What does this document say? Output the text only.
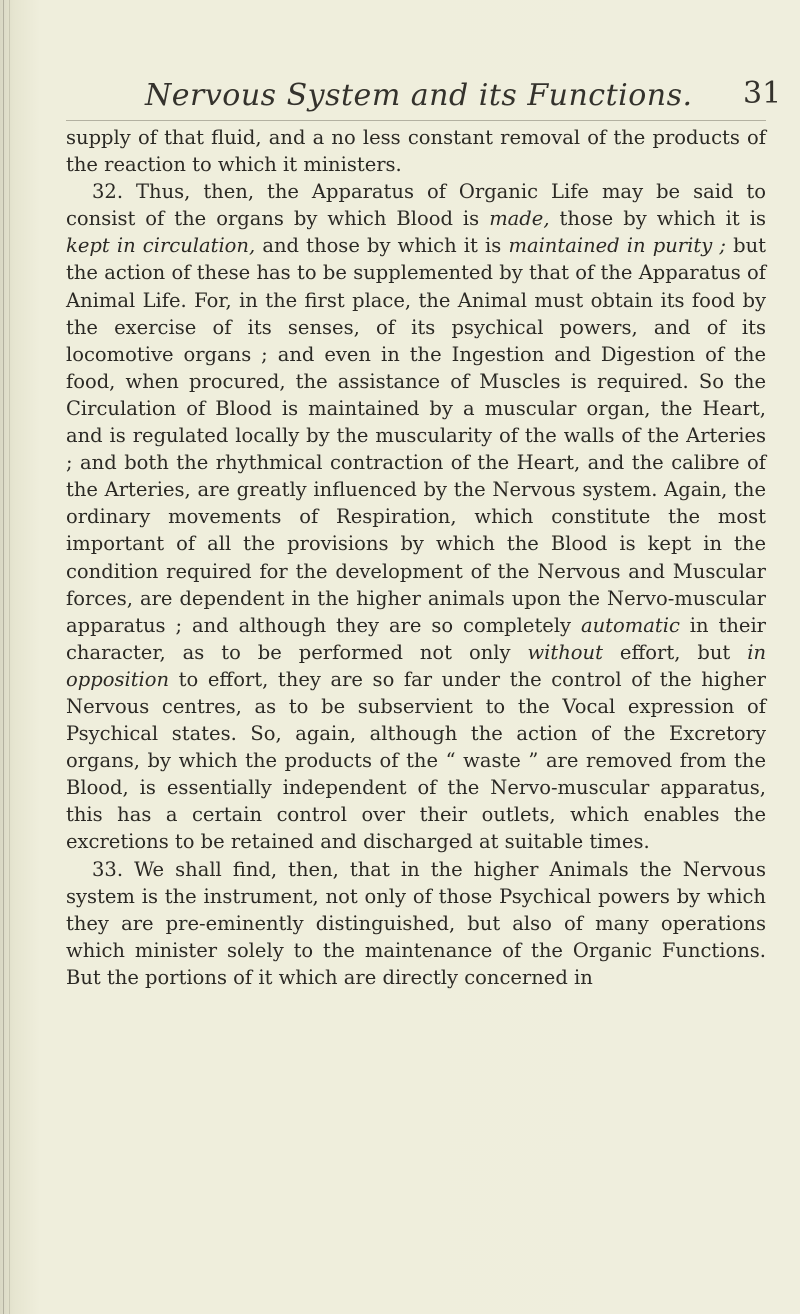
Nervous System and its Functions. 31

supply of that fluid, and a no less constant removal of the products of the reaction to which it ministers.

32. Thus, then, the Apparatus of Organic Life may be said to consist of the organs by which Blood is made, those by which it is kept in circulation, and those by which it is maintained in purity ; but the action of these has to be supplemented by that of the Apparatus of Animal Life. For, in the first place, the Animal must obtain its food by the exercise of its senses, of its psychical powers, and of its locomotive organs ; and even in the Ingestion and Digestion of the food, when procured, the assistance of Muscles is required. So the Circulation of Blood is maintained by a muscular organ, the Heart, and is regulated locally by the muscularity of the walls of the Arteries ; and both the rhythmical contraction of the Heart, and the calibre of the Arteries, are greatly influenced by the Nervous system. Again, the ordinary movements of Respiration, which constitute the most important of all the provisions by which the Blood is kept in the condition required for the development of the Nervous and Muscular forces, are dependent in the higher animals upon the Nervo-muscular apparatus ; and although they are so completely automatic in their character, as to be performed not only without effort, but in opposition to effort, they are so far under the control of the higher Nervous centres, as to be subservient to the Vocal expression of Psychical states. So, again, although the action of the Excretory organs, by which the products of the “ waste ” are removed from the Blood, is essentially independent of the Nervo-muscular apparatus, this has a certain control over their outlets, which enables the excretions to be retained and discharged at suitable times.

33. We shall find, then, that in the higher Animals the Nervous system is the instrument, not only of those Psychical powers by which they are pre-eminently distinguished, but also of many operations which minister solely to the maintenance of the Organic Functions. But the portions of it which are directly concerned in
